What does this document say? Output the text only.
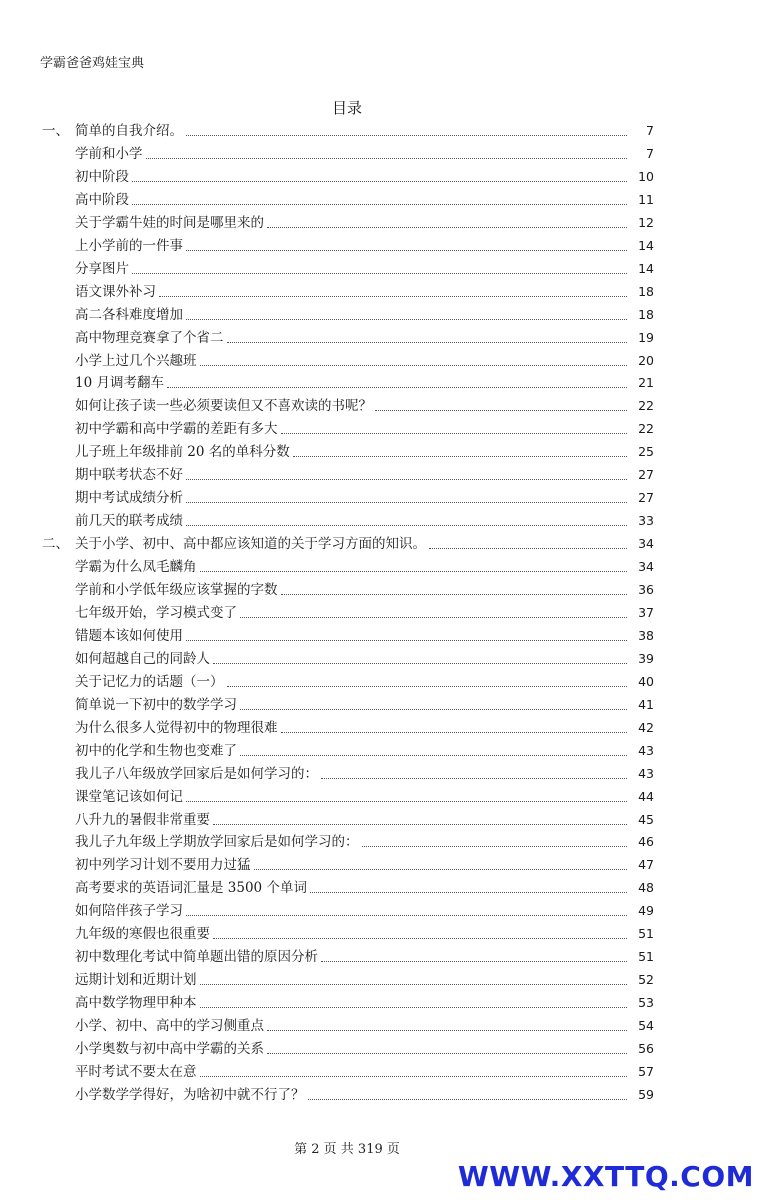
学霸爸爸鸡娃宝典
目录
一、 简单的自我介绍。	7
学前和小学	7
初中阶段	10
高中阶段	11
关于学霸牛娃的时间是哪里来的	12
上小学前的一件事	14
分享图片	14
语文课外补习	18
高二各科难度增加	18
高中物理竞赛拿了个省二	19
小学上过几个兴趣班	20
10 月调考翻车	21
如何让孩子读一些必须要读但又不喜欢读的书呢？	22
初中学霸和高中学霸的差距有多大	22
儿子班上年级排前 20 名的单科分数	25
期中联考状态不好	27
期中考试成绩分析	27
前几天的联考成绩	33
二、 关于小学、初中、高中都应该知道的关于学习方面的知识。	34
学霸为什么凤毛麟角	34
学前和小学低年级应该掌握的字数	36
七年级开始，学习模式变了	37
错题本该如何使用	38
如何超越自己的同龄人	39
关于记忆力的话题（一）	40
简单说一下初中的数学学习	41
为什么很多人觉得初中的物理很难	42
初中的化学和生物也变难了	43
我儿子八年级放学回家后是如何学习的：	43
课堂笔记该如何记	44
八升九的暑假非常重要	45
我儿子九年级上学期放学回家后是如何学习的：	46
初中列学习计划不要用力过猛	47
高考要求的英语词汇量是 3500 个单词	48
如何陪伴孩子学习	49
九年级的寒假也很重要	51
初中数理化考试中简单题出错的原因分析	51
远期计划和近期计划	52
高中数学物理甲种本	53
小学、初中、高中的学习侧重点	54
小学奥数与初中高中学霸的关系	56
平时考试不要太在意	57
小学数学学得好，为啥初中就不行了？	59
第 2 页 共 319 页
WWW.XXTTQ.COM
